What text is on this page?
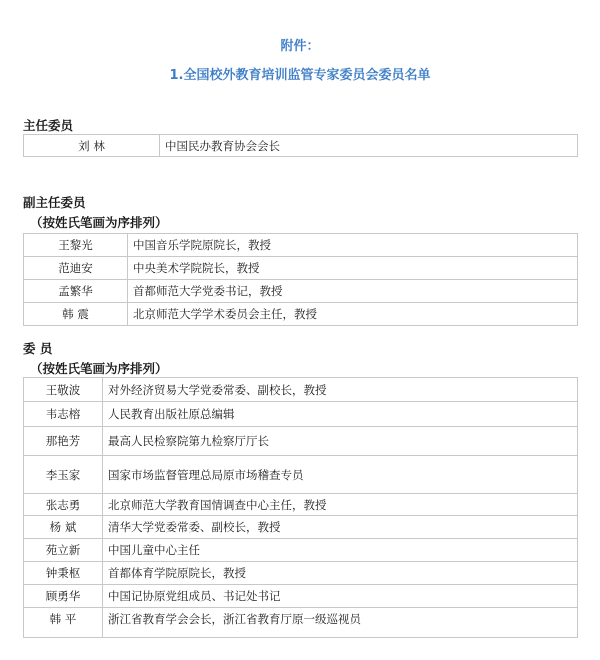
附件：
1.全国校外教育培训监管专家委员会委员名单
主任委员
刘 林	中国民办教育协会会长
副主任委员
（按姓氏笔画为序排列）
王黎光	中国音乐学院原院长，教授
范迪安	中央美术学院院长，教授
孟繁华	首都师范大学党委书记，教授
韩 震	北京师范大学学术委员会主任，教授
委 员
（按姓氏笔画为序排列）
王敬波	对外经济贸易大学党委常委、副校长，教授
韦志榕	人民教育出版社原总编辑
那艳芳	最高人民检察院第九检察厅厅长
李玉家	国家市场监督管理总局原市场稽查专员
张志勇	北京师范大学教育国情调查中心主任，教授
杨 斌	清华大学党委常委、副校长，教授
苑立新	中国儿童中心主任
钟秉枢	首都体育学院原院长，教授
顾勇华	中国记协原党组成员、书记处书记
韩 平	浙江省教育学会会长，浙江省教育厅原一级巡视员
